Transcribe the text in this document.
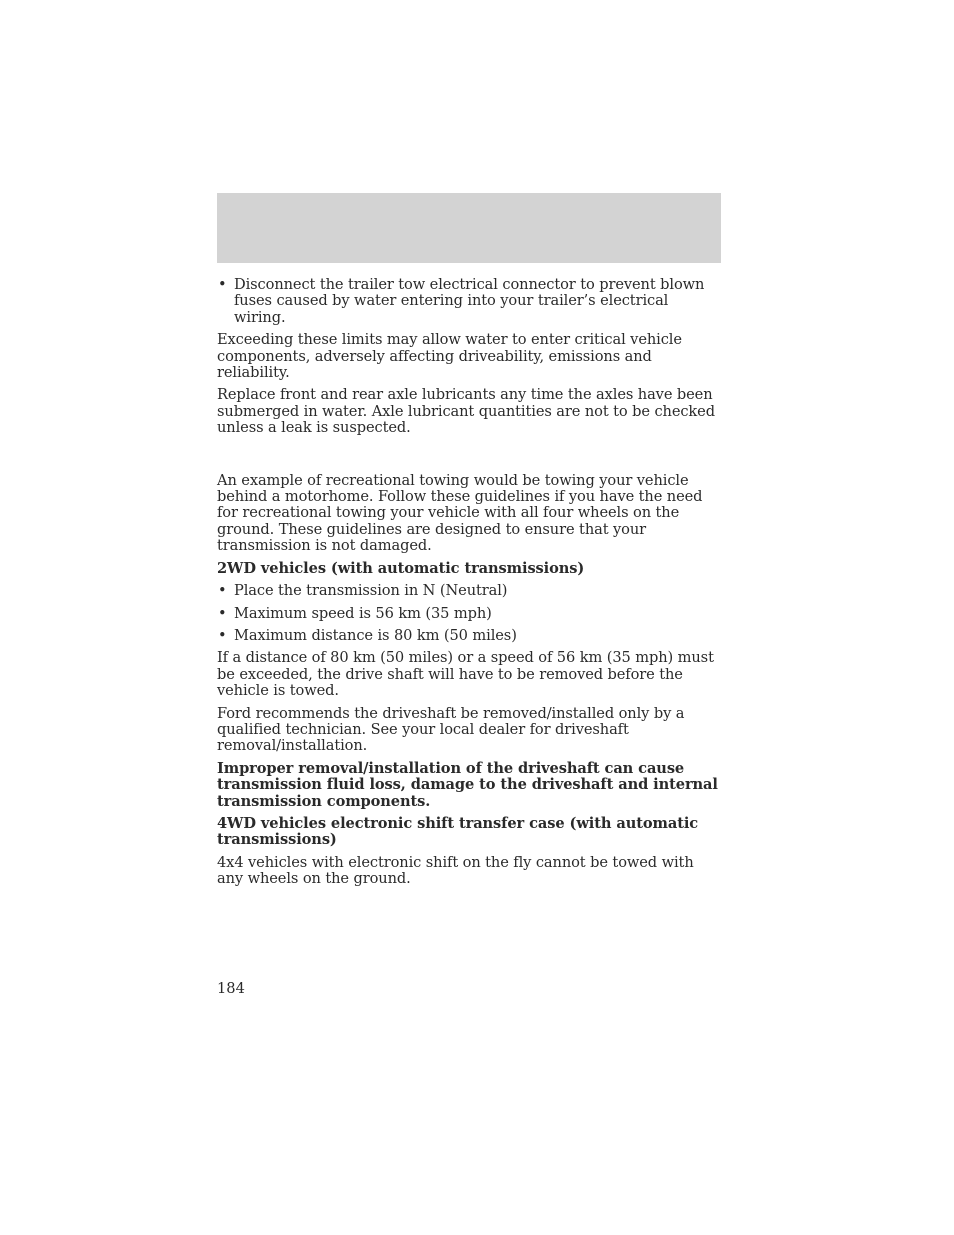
• Disconnect the trailer tow electrical connector to prevent blown fuses caused by water entering into your trailer’s electrical wiring.

Exceeding these limits may allow water to enter critical vehicle components, adversely affecting driveability, emissions and reliability.

Replace front and rear axle lubricants any time the axles have been submerged in water. Axle lubricant quantities are not to be checked unless a leak is suspected.

An example of recreational towing would be towing your vehicle behind a motorhome. Follow these guidelines if you have the need for recreational towing your vehicle with all four wheels on the ground. These guidelines are designed to ensure that your transmission is not damaged.

2WD vehicles (with automatic transmissions)

• Place the transmission in N (Neutral)
• Maximum speed is 56 km (35 mph)
• Maximum distance is 80 km (50 miles)

If a distance of 80 km (50 miles) or a speed of 56 km (35 mph) must be exceeded, the drive shaft will have to be removed before the vehicle is towed.

Ford recommends the driveshaft be removed/installed only by a qualified technician. See your local dealer for driveshaft removal/installation.

Improper removal/installation of the driveshaft can cause transmission fluid loss, damage to the driveshaft and internal transmission components.

4WD vehicles electronic shift transfer case (with automatic transmissions)

4x4 vehicles with electronic shift on the fly cannot be towed with any wheels on the ground.

184
